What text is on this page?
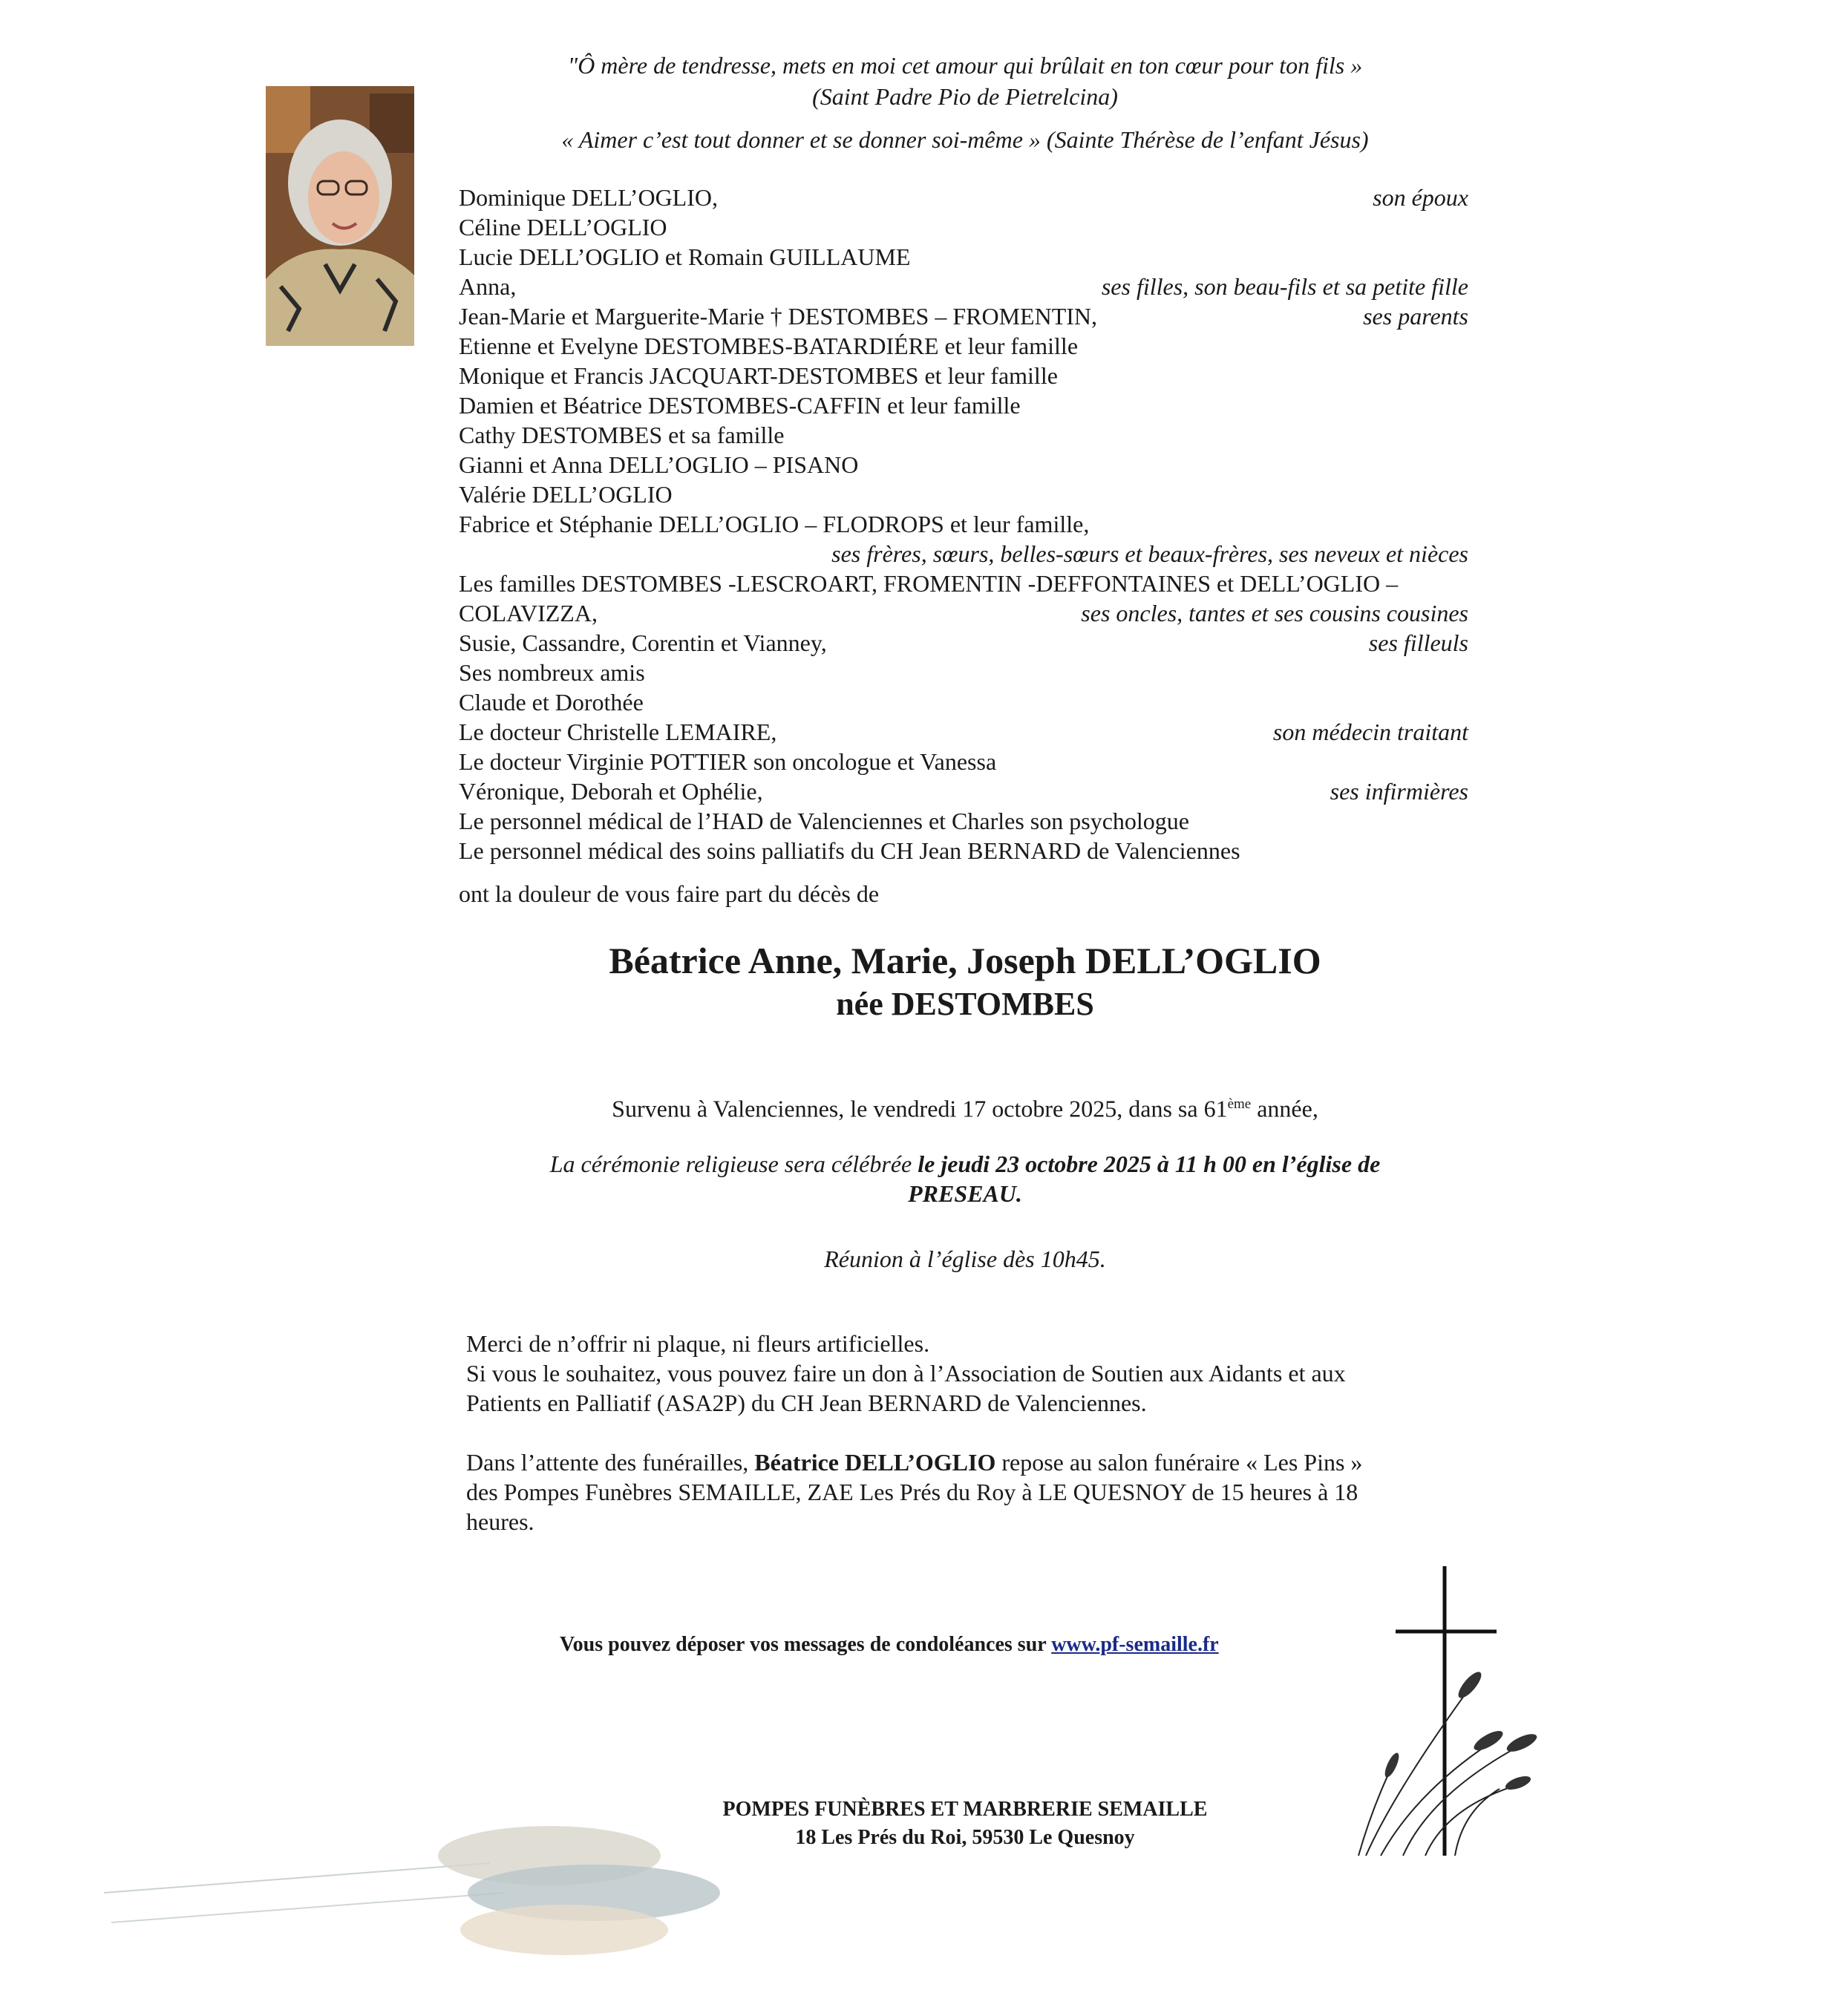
"Ô mère de tendresse, mets en moi cet amour qui brûlait en ton cœur pour ton fils »
(Saint Padre Pio de Pietrelcina)
« Aimer c’est tout donner et se donner soi-même » (Sainte Thérèse de l’enfant Jésus)
Dominique DELL’OGLIO,	son époux
Céline DELL’OGLIO
Lucie DELL’OGLIO et Romain GUILLAUME
Anna,	ses filles, son beau-fils et sa petite fille
Jean-Marie et Marguerite-Marie † DESTOMBES – FROMENTIN,	ses parents
Etienne et Evelyne DESTOMBES-BATARDIÉRE et leur famille
Monique et Francis JACQUART-DESTOMBES et leur famille
Damien et Béatrice DESTOMBES-CAFFIN et leur famille
Cathy DESTOMBES et sa famille
Gianni et Anna DELL’OGLIO – PISANO
Valérie DELL’OGLIO
Fabrice et Stéphanie DELL’OGLIO – FLODROPS et leur famille,
ses frères, sœurs, belles-sœurs et beaux-frères, ses neveux et nièces
Les familles DESTOMBES -LESCROART, FROMENTIN -DEFFONTAINES et DELL’OGLIO –
COLAVIZZA,	ses oncles, tantes et ses cousins cousines
Susie, Cassandre, Corentin et Vianney,	ses filleuls
Ses nombreux amis
Claude et Dorothée
Le docteur Christelle LEMAIRE,	son médecin traitant
Le docteur Virginie POTTIER son oncologue et Vanessa
Véronique, Deborah et Ophélie,	ses infirmières
Le personnel médical de l’HAD de Valenciennes et Charles son psychologue
Le personnel médical des soins palliatifs du CH Jean BERNARD de Valenciennes
ont la douleur de vous faire part du décès de
Béatrice Anne, Marie, Joseph DELL’OGLIO
née DESTOMBES
Survenu à Valenciennes, le vendredi 17 octobre 2025, dans sa 61ème année,
La cérémonie religieuse sera célébrée le jeudi 23 octobre 2025 à 11 h 00 en l’église de
PRESEAU.
Réunion à l’église dès 10h45.
Merci de n’offrir ni plaque, ni fleurs artificielles.
Si vous le souhaitez, vous pouvez faire un don à l’Association de Soutien aux Aidants et aux
Patients en Palliatif (ASA2P) du CH Jean BERNARD de Valenciennes.
Dans l’attente des funérailles, Béatrice DELL’OGLIO repose au salon funéraire « Les Pins »
des Pompes Funèbres SEMAILLE, ZAE Les Prés du Roy à LE QUESNOY de 15 heures à 18
heures.
Vous pouvez déposer vos messages de condoléances sur www.pf-semaille.fr
POMPES FUNÈBRES ET MARBRERIE SEMAILLE
18 Les Prés du Roi, 59530 Le Quesnoy
